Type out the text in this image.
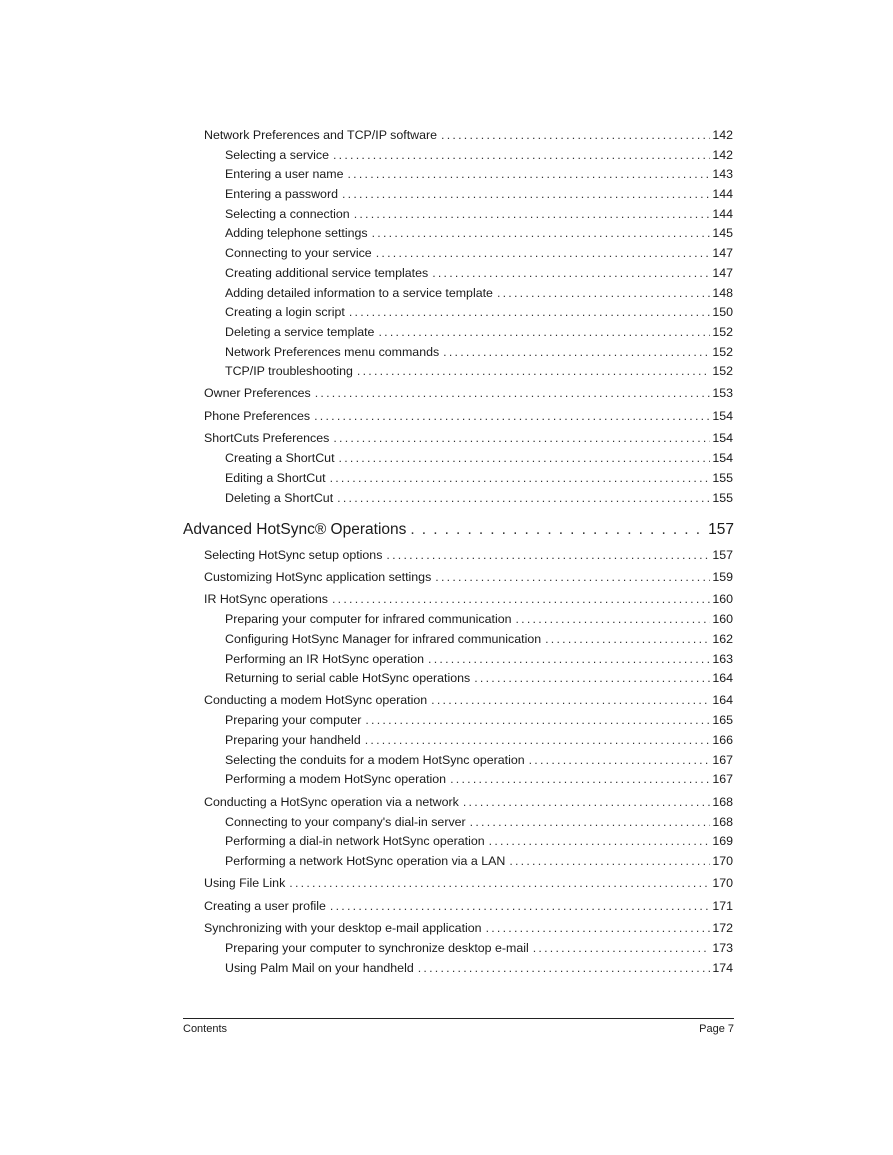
Network Preferences and TCP/IP software . . .	142
Selecting a service . . .	142
Entering a user name . . .	143
Entering a password . . .	144
Selecting a connection . . .	144
Adding telephone settings . . .	145
Connecting to your service . . .	147
Creating additional service templates . . .	147
Adding detailed information to a service template . . .	148
Creating a login script . . .	150
Deleting a service template . . .	152
Network Preferences menu commands . . .	152
TCP/IP troubleshooting . . .	152
Owner Preferences . . .	153
Phone Preferences . . .	154
ShortCuts Preferences . . .	154
Creating a ShortCut . . .	154
Editing a ShortCut . . .	155
Deleting a ShortCut . . .	155
Advanced HotSync® Operations . . .	157
Selecting HotSync setup options . . .	157
Customizing HotSync application settings . . .	159
IR HotSync operations . . .	160
Preparing your computer for infrared communication . . .	160
Configuring HotSync Manager for infrared communication . . .	162
Performing an IR HotSync operation . . .	163
Returning to serial cable HotSync operations . . .	164
Conducting a modem HotSync operation . . .	164
Preparing your computer . . .	165
Preparing your handheld . . .	166
Selecting the conduits for a modem HotSync operation . . .	167
Performing a modem HotSync operation . . .	167
Conducting a HotSync operation via a network . . .	168
Connecting to your company's dial-in server . . .	168
Performing a dial-in network HotSync operation . . .	169
Performing a network HotSync operation via a LAN . . .	170
Using File Link . . .	170
Creating a user profile . . .	171
Synchronizing with your desktop e-mail application . . .	172
Preparing your computer to synchronize desktop e-mail . . .	173
Using Palm Mail on your handheld . . .	174
Contents	Page 7
